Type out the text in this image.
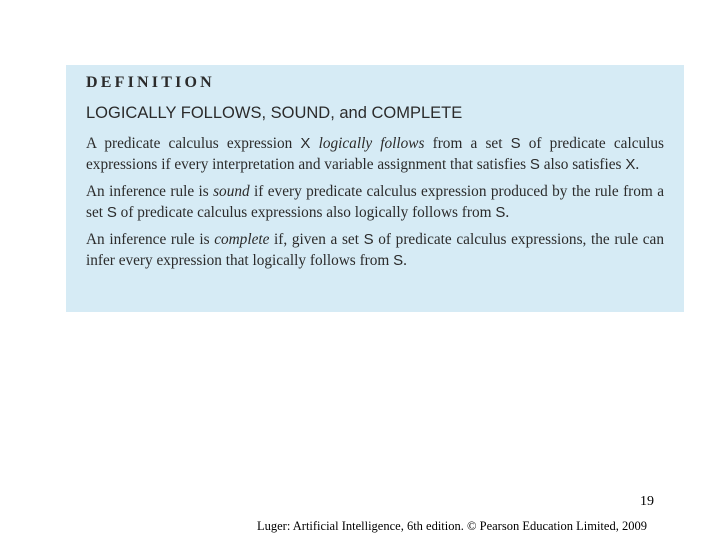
DEFINITION
LOGICALLY FOLLOWS, SOUND, and COMPLETE
A predicate calculus expression X logically follows from a set S of predicate calculus expressions if every interpretation and variable assignment that satisfies S also satisfies X.
An inference rule is sound if every predicate calculus expression produced by the rule from a set S of predicate calculus expressions also logically follows from S.
An inference rule is complete if, given a set S of predicate calculus expressions, the rule can infer every expression that logically follows from S.
19
Luger: Artificial Intelligence, 6th edition. © Pearson Education Limited, 2009
